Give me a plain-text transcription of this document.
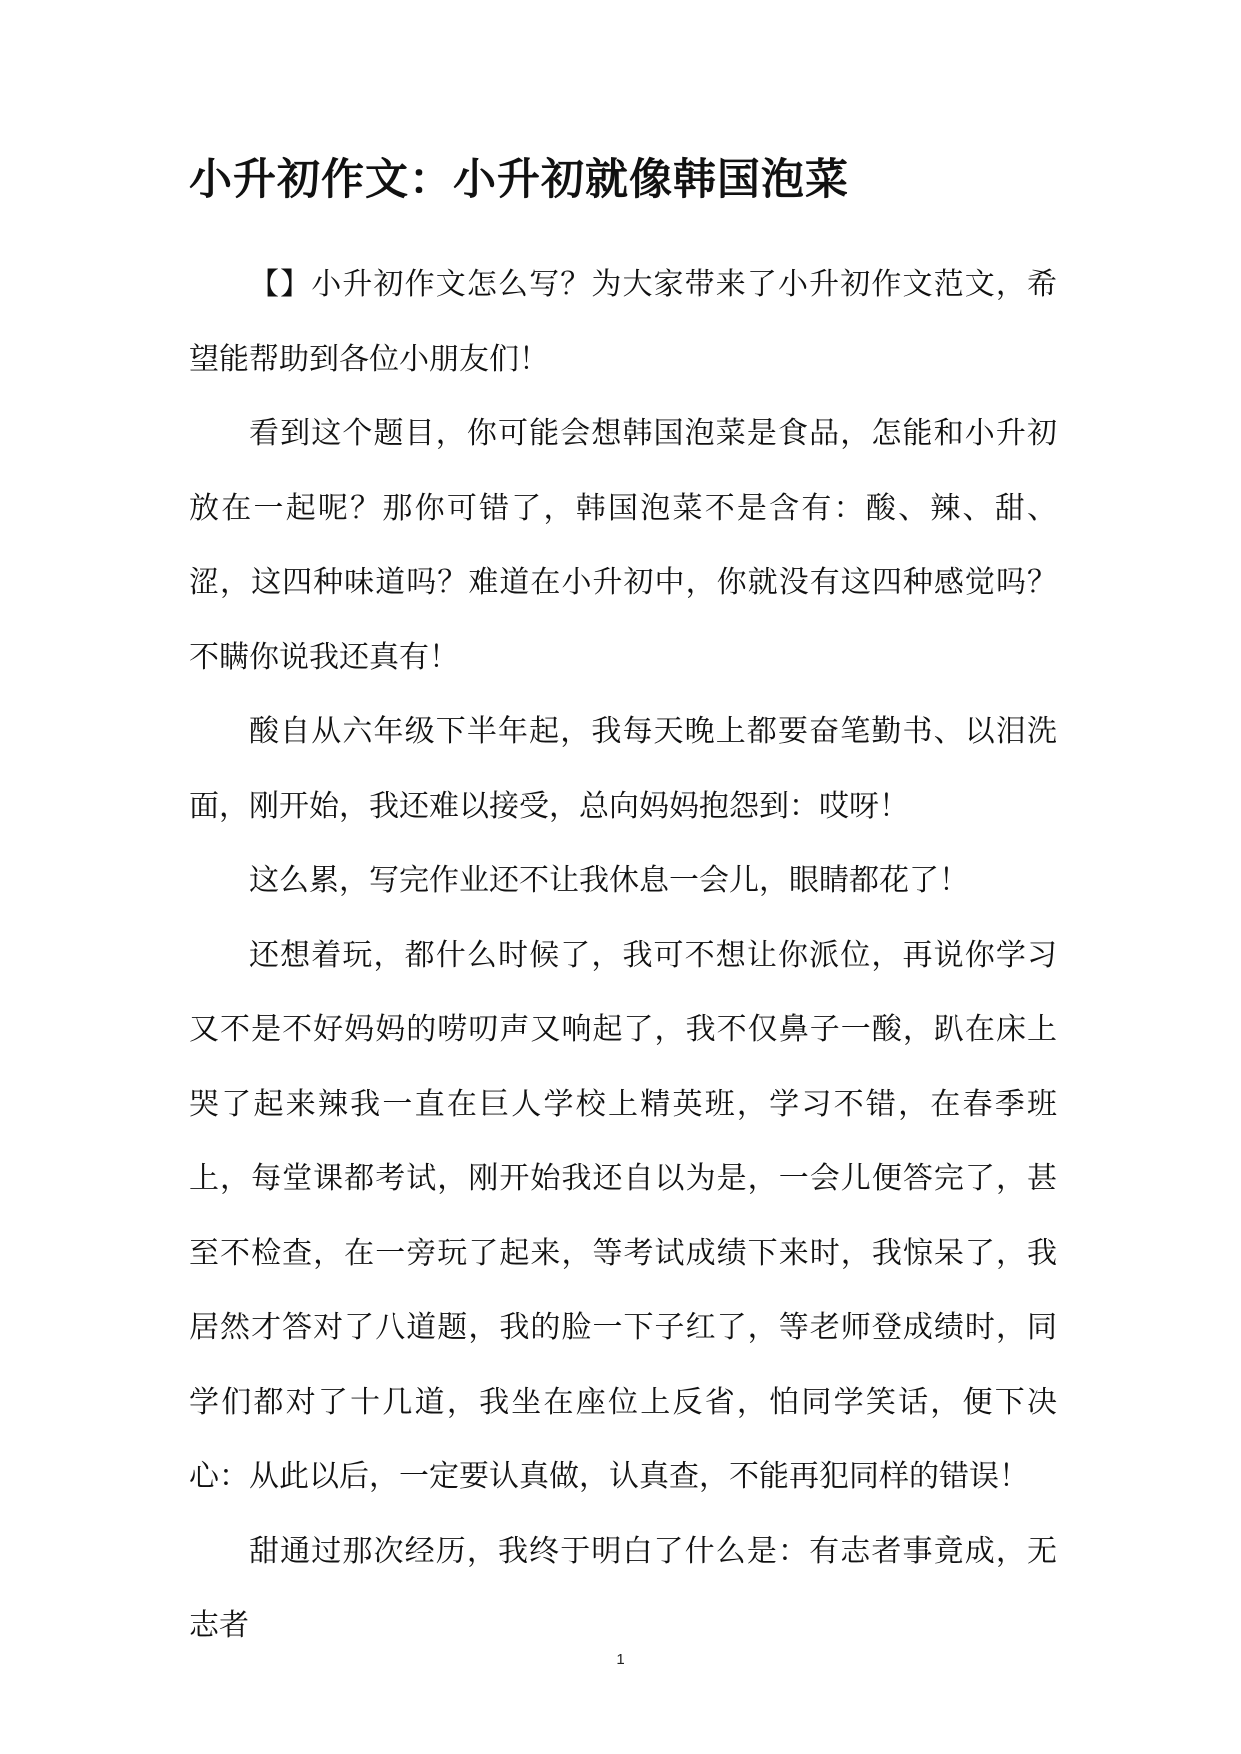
小升初作文：小升初就像韩国泡菜

【】小升初作文怎么写？为大家带来了小升初作文范文，希望能帮助到各位小朋友们！

看到这个题目，你可能会想韩国泡菜是食品，怎能和小升初放在一起呢？那你可错了，韩国泡菜不是含有：酸、辣、甜、涩，这四种味道吗？难道在小升初中，你就没有这四种感觉吗？不瞒你说我还真有！

酸自从六年级下半年起，我每天晚上都要奋笔勤书、以泪洗面，刚开始，我还难以接受，总向妈妈抱怨到：哎呀！

这么累，写完作业还不让我休息一会儿，眼睛都花了！

还想着玩，都什么时候了，我可不想让你派位，再说你学习又不是不好妈妈的唠叨声又响起了，我不仅鼻子一酸，趴在床上哭了起来辣我一直在巨人学校上精英班，学习不错，在春季班上，每堂课都考试，刚开始我还自以为是，一会儿便答完了，甚至不检查，在一旁玩了起来，等考试成绩下来时，我惊呆了，我居然才答对了八道题，我的脸一下子红了，等老师登成绩时，同学们都对了十几道，我坐在座位上反省，怕同学笑话，便下决心：从此以后，一定要认真做，认真查，不能再犯同样的错误！

甜通过那次经历，我终于明白了什么是：有志者事竟成，无志者

1
